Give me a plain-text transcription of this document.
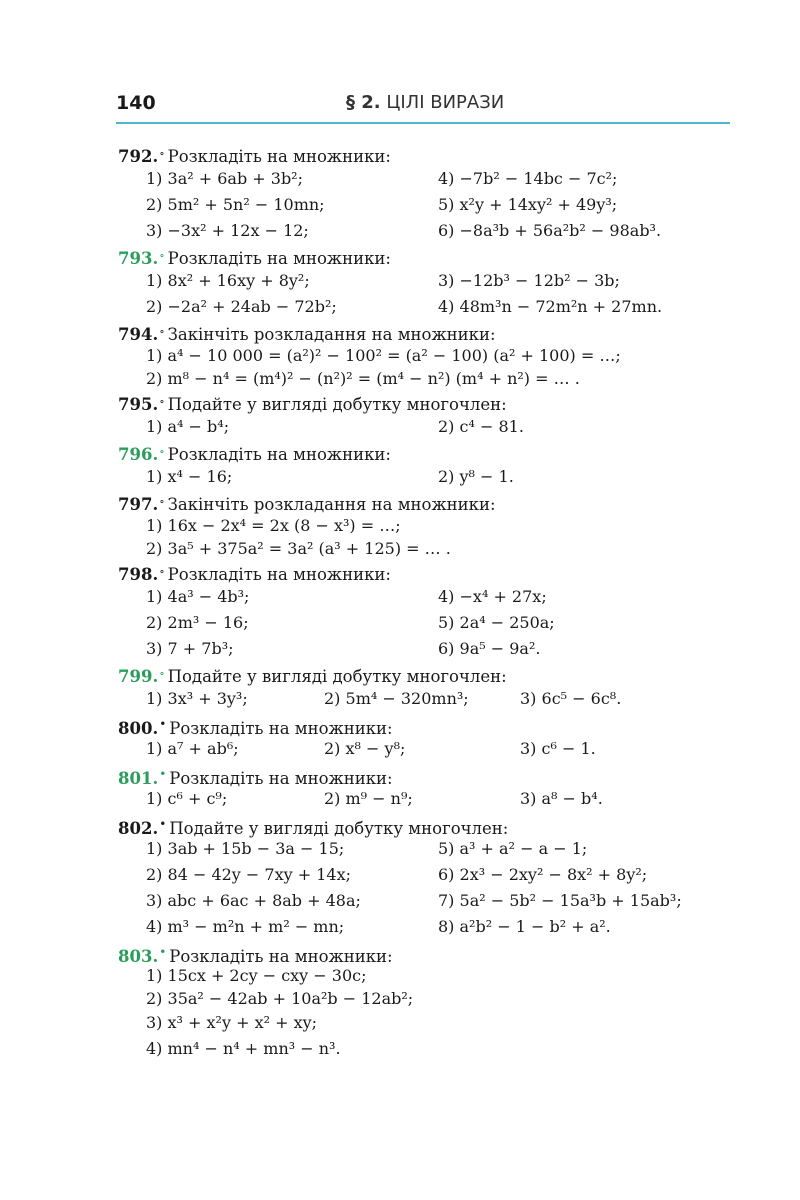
140	§ 2. ЦІЛІ ВИРАЗИ
792.∘ Розкладіть на множники:
1) 3a² + 6ab + 3b²;	4) −7b² − 14bc − 7c²;
2) 5m² + 5n² − 10mn;	5) x²y + 14xy² + 49y³;
3) −3x² + 12x − 12;	6) −8a³b + 56a²b² − 98ab³.
793.∘ Розкладіть на множники:
1) 8x² + 16xy + 8y²;	3) −12b³ − 12b² − 3b;
2) −2a² + 24ab − 72b²;	4) 48m³n − 72m²n + 27mn.
794.∘ Закінчіть розкладання на множники:
1) a⁴ − 10 000 = (a²)² − 100² = (a² − 100) (a² + 100) = …;
2) m⁸ − n⁴ = (m⁴)² − (n²)² = (m⁴ − n²) (m⁴ + n²) = … .
795.∘ Подайте у вигляді добутку многочлен:
1) a⁴ − b⁴;	2) c⁴ − 81.
796.∘ Розкладіть на множники:
1) x⁴ − 16;	2) y⁸ − 1.
797.∘ Закінчіть розкладання на множники:
1) 16x − 2x⁴ = 2x (8 − x³) = …;
2) 3a⁵ + 375a² = 3a² (a³ + 125) = … .
798.∘ Розкладіть на множники:
1) 4a³ − 4b³;	4) −x⁴ + 27x;
2) 2m³ − 16;	5) 2a⁴ − 250a;
3) 7 + 7b³;	6) 9a⁵ − 9a².
799.∘ Подайте у вигляді добутку многочлен:
1) 3x³ + 3y³;	2) 5m⁴ − 320mn³;	3) 6c⁵ − 6c⁸.
800.• Розкладіть на множники:
1) a⁷ + ab⁶;	2) x⁸ − y⁸;	3) c⁶ − 1.
801.• Розкладіть на множники:
1) c⁶ + c⁹;	2) m⁹ − n⁹;	3) a⁸ − b⁴.
802.• Подайте у вигляді добутку многочлен:
1) 3ab + 15b − 3a − 15;	5) a³ + a² − a − 1;
2) 84 − 42y − 7xy + 14x;	6) 2x³ − 2xy² − 8x² + 8y²;
3) abc + 6ac + 8ab + 48a;	7) 5a² − 5b² − 15a³b + 15ab³;
4) m³ − m²n + m² − mn;	8) a²b² − 1 − b² + a².
803.• Розкладіть на множники:
1) 15cx + 2cy − cxy − 30c;
2) 35a² − 42ab + 10a²b − 12ab²;
3) x³ + x²y + x² + xy;
4) mn⁴ − n⁴ + mn³ − n³.
